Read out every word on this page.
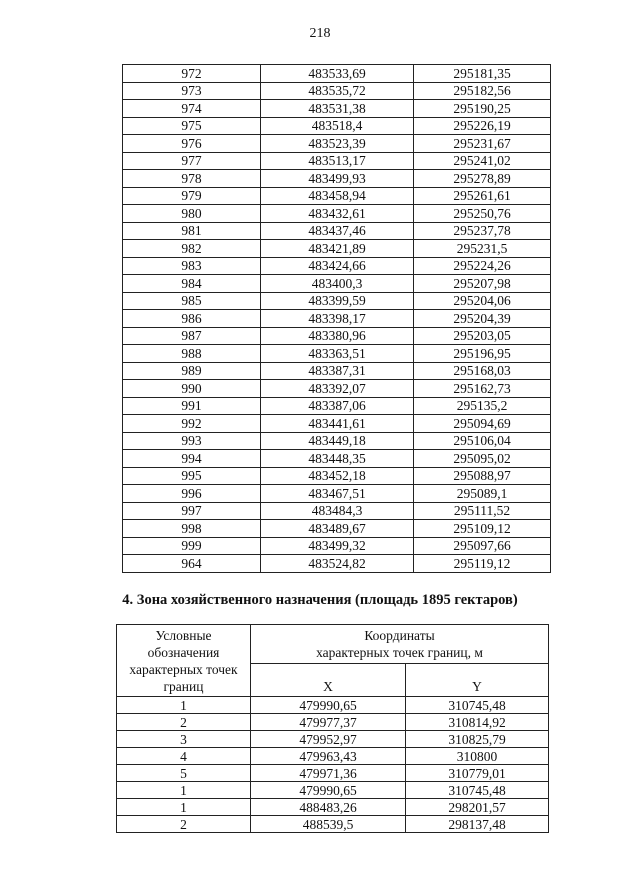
218
972	483533,69	295181,35
973	483535,72	295182,56
974	483531,38	295190,25
975	483518,4	295226,19
976	483523,39	295231,67
977	483513,17	295241,02
978	483499,93	295278,89
979	483458,94	295261,61
980	483432,61	295250,76
981	483437,46	295237,78
982	483421,89	295231,5
983	483424,66	295224,26
984	483400,3	295207,98
985	483399,59	295204,06
986	483398,17	295204,39
987	483380,96	295203,05
988	483363,51	295196,95
989	483387,31	295168,03
990	483392,07	295162,73
991	483387,06	295135,2
992	483441,61	295094,69
993	483449,18	295106,04
994	483448,35	295095,02
995	483452,18	295088,97
996	483467,51	295089,1
997	483484,3	295111,52
998	483489,67	295109,12
999	483499,32	295097,66
964	483524,82	295119,12
4. Зона хозяйственного назначения (площадь 1895 гектаров)
Условные
обозначения
характерных точек
границ	Координаты
характерных точек границ, м	

	X	Y
1	479990,65	310745,48
2	479977,37	310814,92
3	479952,97	310825,79
4	479963,43	310800
5	479971,36	310779,01
1	479990,65	310745,48
1	488483,26	298201,57
2	488539,5	298137,48
